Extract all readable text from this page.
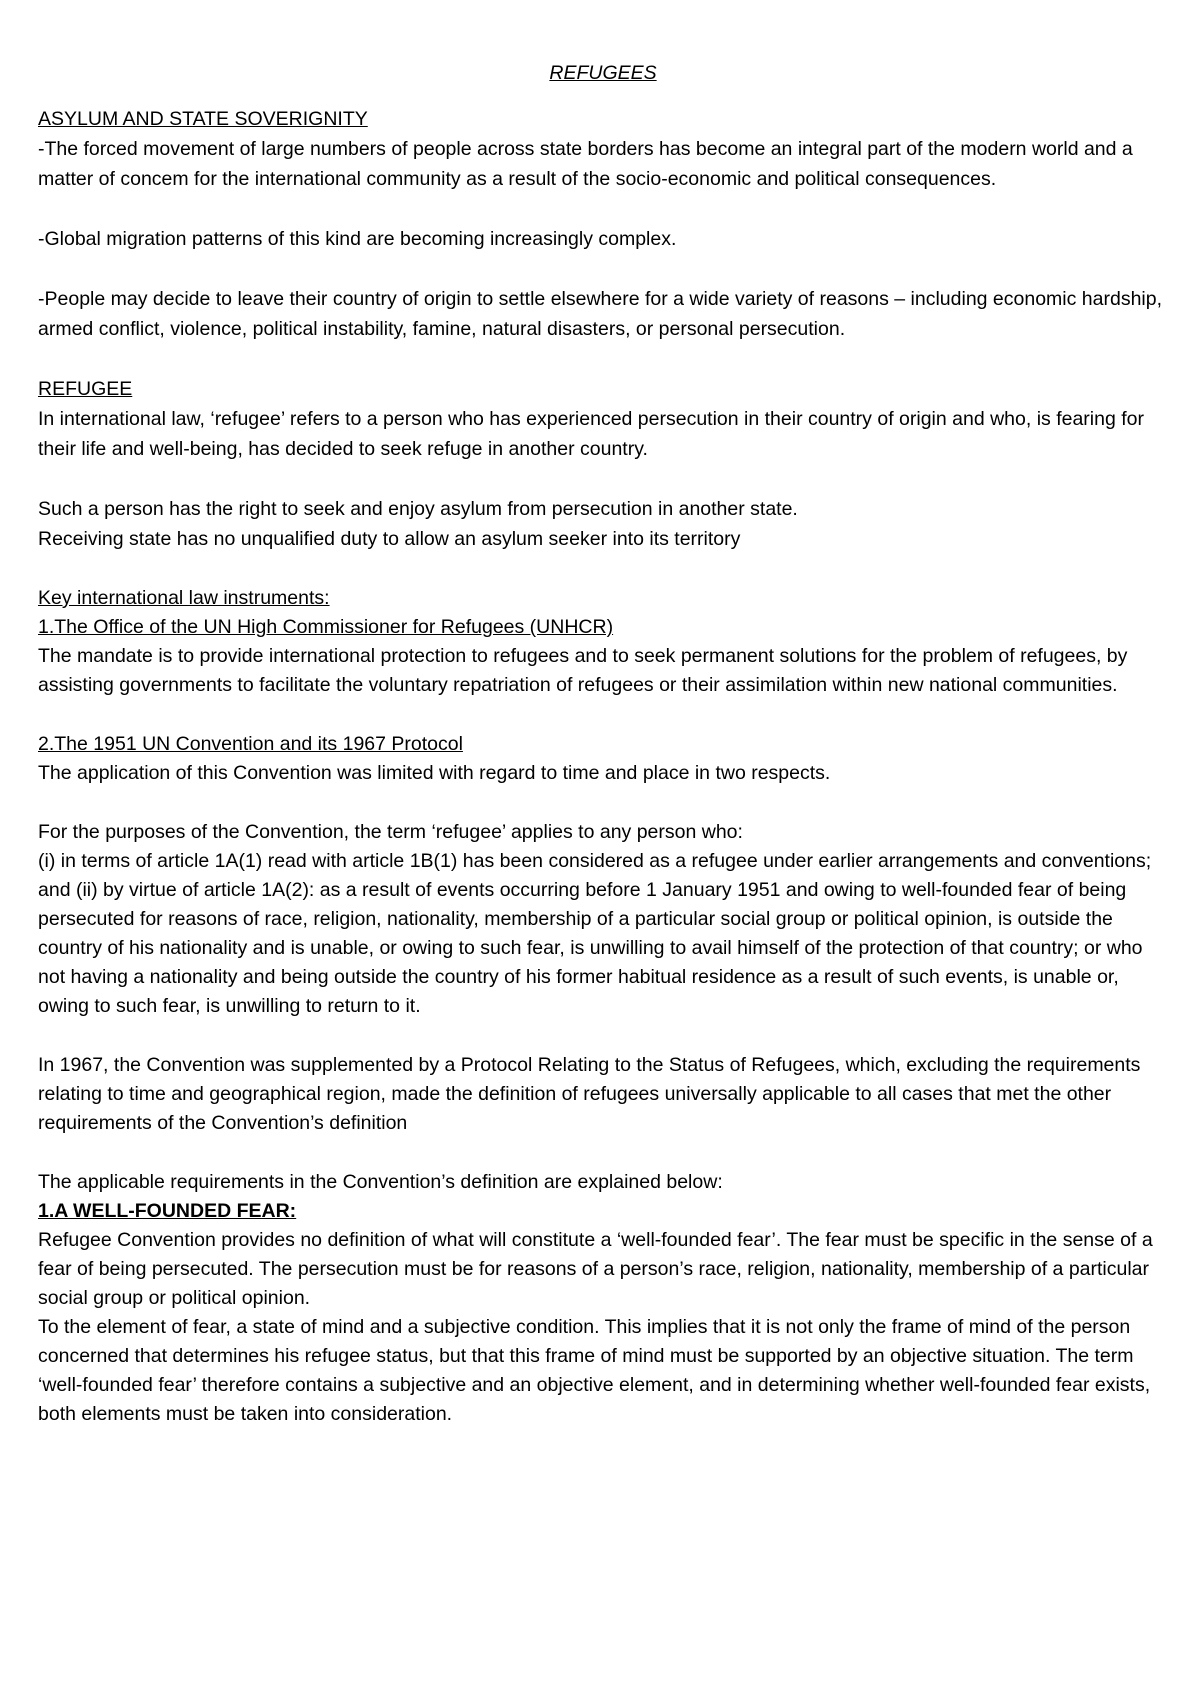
REFUGEES
ASYLUM AND STATE SOVERIGNITY

-The forced movement of large numbers of people across state borders has become an integral part of the modern world and a matter of concem for the international community as a result of the socio-economic and political consequences.

-Global migration patterns of this kind are becoming increasingly complex.

-People may decide to leave their country of origin to settle elsewhere for a wide variety of reasons – including economic hardship, armed conflict, violence, political instability, famine, natural disasters, or personal persecution.

REFUGEE

In international law, ‘refugee’ refers to a person who has experienced persecution in their country of origin and who, is fearing for their life and well-being, has decided to seek refuge in another country.

Such a person has the right to seek and enjoy asylum from persecution in another state.

Receiving state has no unqualified duty to allow an asylum seeker into its territory

Key international law instruments:
1.The Office of the UN High Commissioner for Refugees (UNHCR)

The mandate is to provide international protection to refugees and to seek permanent solutions for the problem of refugees, by assisting governments to facilitate the voluntary repatriation of refugees or their assimilation within new national communities.

2.The 1951 UN Convention and its 1967 Protocol

The application of this Convention was limited with regard to time and place in two respects.

For the purposes of the Convention, the term ‘refugee’ applies to any person who:

(i) in terms of article 1A(1) read with article 1B(1) has been considered as a refugee under earlier arrangements and conventions; and (ii) by virtue of article 1A(2): as a result of events occurring before 1 January 1951 and owing to well-founded fear of being persecuted for reasons of race, religion, nationality, membership of a particular social group or political opinion, is outside the country of his nationality and is unable, or owing to such fear, is unwilling to avail himself of the protection of that country; or who not having a nationality and being outside the country of his former habitual residence as a result of such events, is unable or, owing to such fear, is unwilling to return to it.

In 1967, the Convention was supplemented by a Protocol Relating to the Status of Refugees, which, excluding the requirements relating to time and geographical region, made the definition of refugees universally applicable to all cases that met the other requirements of the Convention’s definition

The applicable requirements in the Convention’s definition are explained below:

1.A WELL-FOUNDED FEAR:

Refugee Convention provides no definition of what will constitute a ‘well-founded fear’. The fear must be specific in the sense of a fear of being persecuted. The persecution must be for reasons of a person’s race, religion, nationality, membership of a particular social group or political opinion.

To the element of fear, a state of mind and a subjective condition. This implies that it is not only the frame of mind of the person concerned that determines his refugee status, but that this frame of mind must be supported by an objective situation. The term ‘well-founded fear’ therefore contains a subjective and an objective element, and in determining whether well-founded fear exists, both elements must be taken into consideration.
